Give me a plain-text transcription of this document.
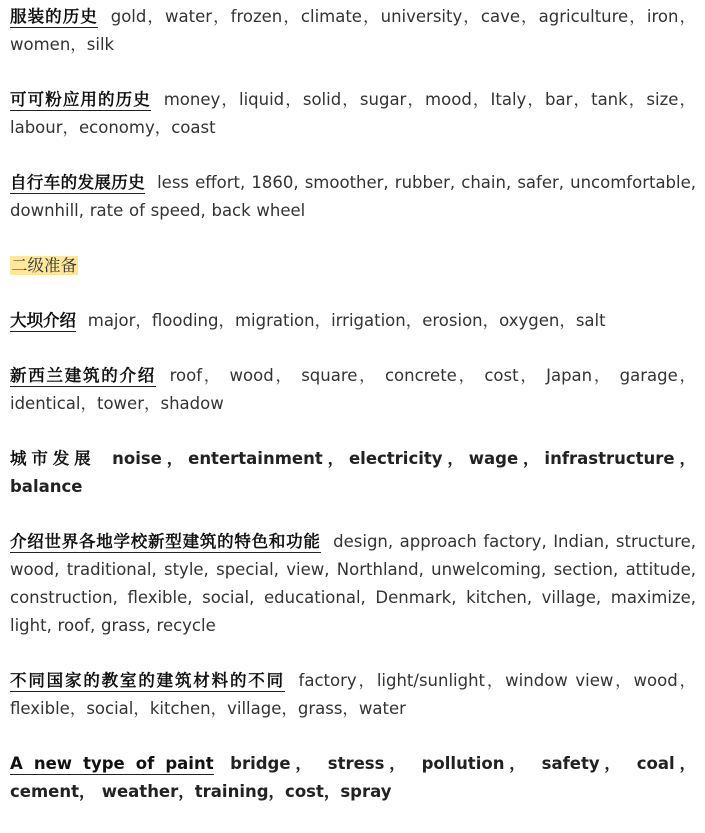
服装的历史 gold，water，frozen，climate，university，cave，agriculture，iron，women，silk

可可粉应用的历史 money，liquid，solid，sugar，mood，Italy，bar，tank，size，labour，economy，coast

自行车的发展历史 less effort, 1860, smoother, rubber, chain, safer, uncomfortable, downhill, rate of speed, back wheel

二级准备

大坝介绍 major，flooding，migration，irrigation，erosion，oxygen，salt

新西兰建筑的介绍 roof， wood， square， concrete， cost， Japan， garage， identical，tower，shadow

城市发展 noise，entertainment，electricity，wage，infrastructure，balance

介绍世界各地学校新型建筑的特色和功能 design, approach factory, Indian, structure, wood, traditional, style, special, view, Northland, unwelcoming, section, attitude, construction, flexible, social, educational, Denmark, kitchen, village, maximize, light, roof, grass, recycle

不同国家的教室的建筑材料的不同 factory，light/sunlight，window view，wood，flexible，social，kitchen，village，grass，water

A new type of paint bridge， stress， pollution， safety， coal， cement， weather，training，cost，spray
